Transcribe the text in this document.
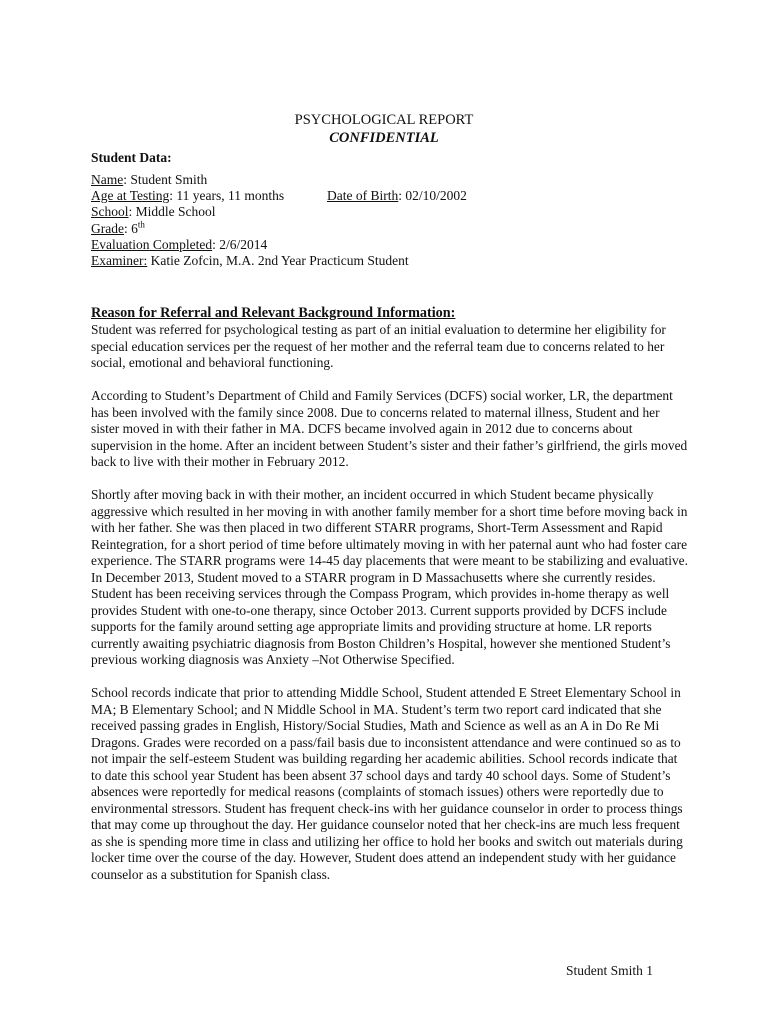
PSYCHOLOGICAL REPORT
CONFIDENTIAL
Student Data:
Name: Student Smith
Age at Testing: 11 years, 11 months	Date of Birth: 02/10/2002
School: Middle School
Grade: 6th
Evaluation Completed: 2/6/2014
Examiner: Katie Zofcin, M.A. 2nd Year Practicum Student
Reason for Referral and Relevant Background Information:

Student was referred for psychological testing as part of an initial evaluation to determine her eligibility for special education services per the request of her mother and the referral team due to concerns related to her social, emotional and behavioral functioning.

According to Student’s Department of Child and Family Services (DCFS) social worker, LR, the department has been involved with the family since 2008. Due to concerns related to maternal illness, Student and her sister moved in with their father in MA. DCFS became involved again in 2012 due to concerns about supervision in the home. After an incident between Student’s sister and their father’s girlfriend, the girls moved back to live with their mother in February 2012.

Shortly after moving back in with their mother, an incident occurred in which Student became physically aggressive which resulted in her moving in with another family member for a short time before moving back in with her father. She was then placed in two different STARR programs, Short-Term Assessment and Rapid Reintegration, for a short period of time before ultimately moving in with her paternal aunt who had foster care experience. The STARR programs were 14-45 day placements that were meant to be stabilizing and evaluative. In December 2013, Student moved to a STARR program in D Massachusetts where she currently resides. Student has been receiving services through the Compass Program, which provides in-home therapy as well provides Student with one-to-one therapy, since October 2013. Current supports provided by DCFS include supports for the family around setting age appropriate limits and providing structure at home. LR reports currently awaiting psychiatric diagnosis from Boston Children’s Hospital, however she mentioned Student’s previous working diagnosis was Anxiety –Not Otherwise Specified.

School records indicate that prior to attending Middle School, Student attended E Street Elementary School in MA; B Elementary School; and N Middle School in MA. Student’s term two report card indicated that she received passing grades in English, History/Social Studies, Math and Science as well as an A in Do Re Mi Dragons. Grades were recorded on a pass/fail basis due to inconsistent attendance and were continued so as to not impair the self-esteem Student was building regarding her academic abilities. School records indicate that to date this school year Student has been absent 37 school days and tardy 40 school days. Some of Student’s absences were reportedly for medical reasons (complaints of stomach issues) others were reportedly due to environmental stressors. Student has frequent check-ins with her guidance counselor in order to process things that may come up throughout the day. Her guidance counselor noted that her check-ins are much less frequent as she is spending more time in class and utilizing her office to hold her books and switch out materials during locker time over the course of the day. However, Student does attend an independent study with her guidance counselor as a substitution for Spanish class.

Student Smith 1
